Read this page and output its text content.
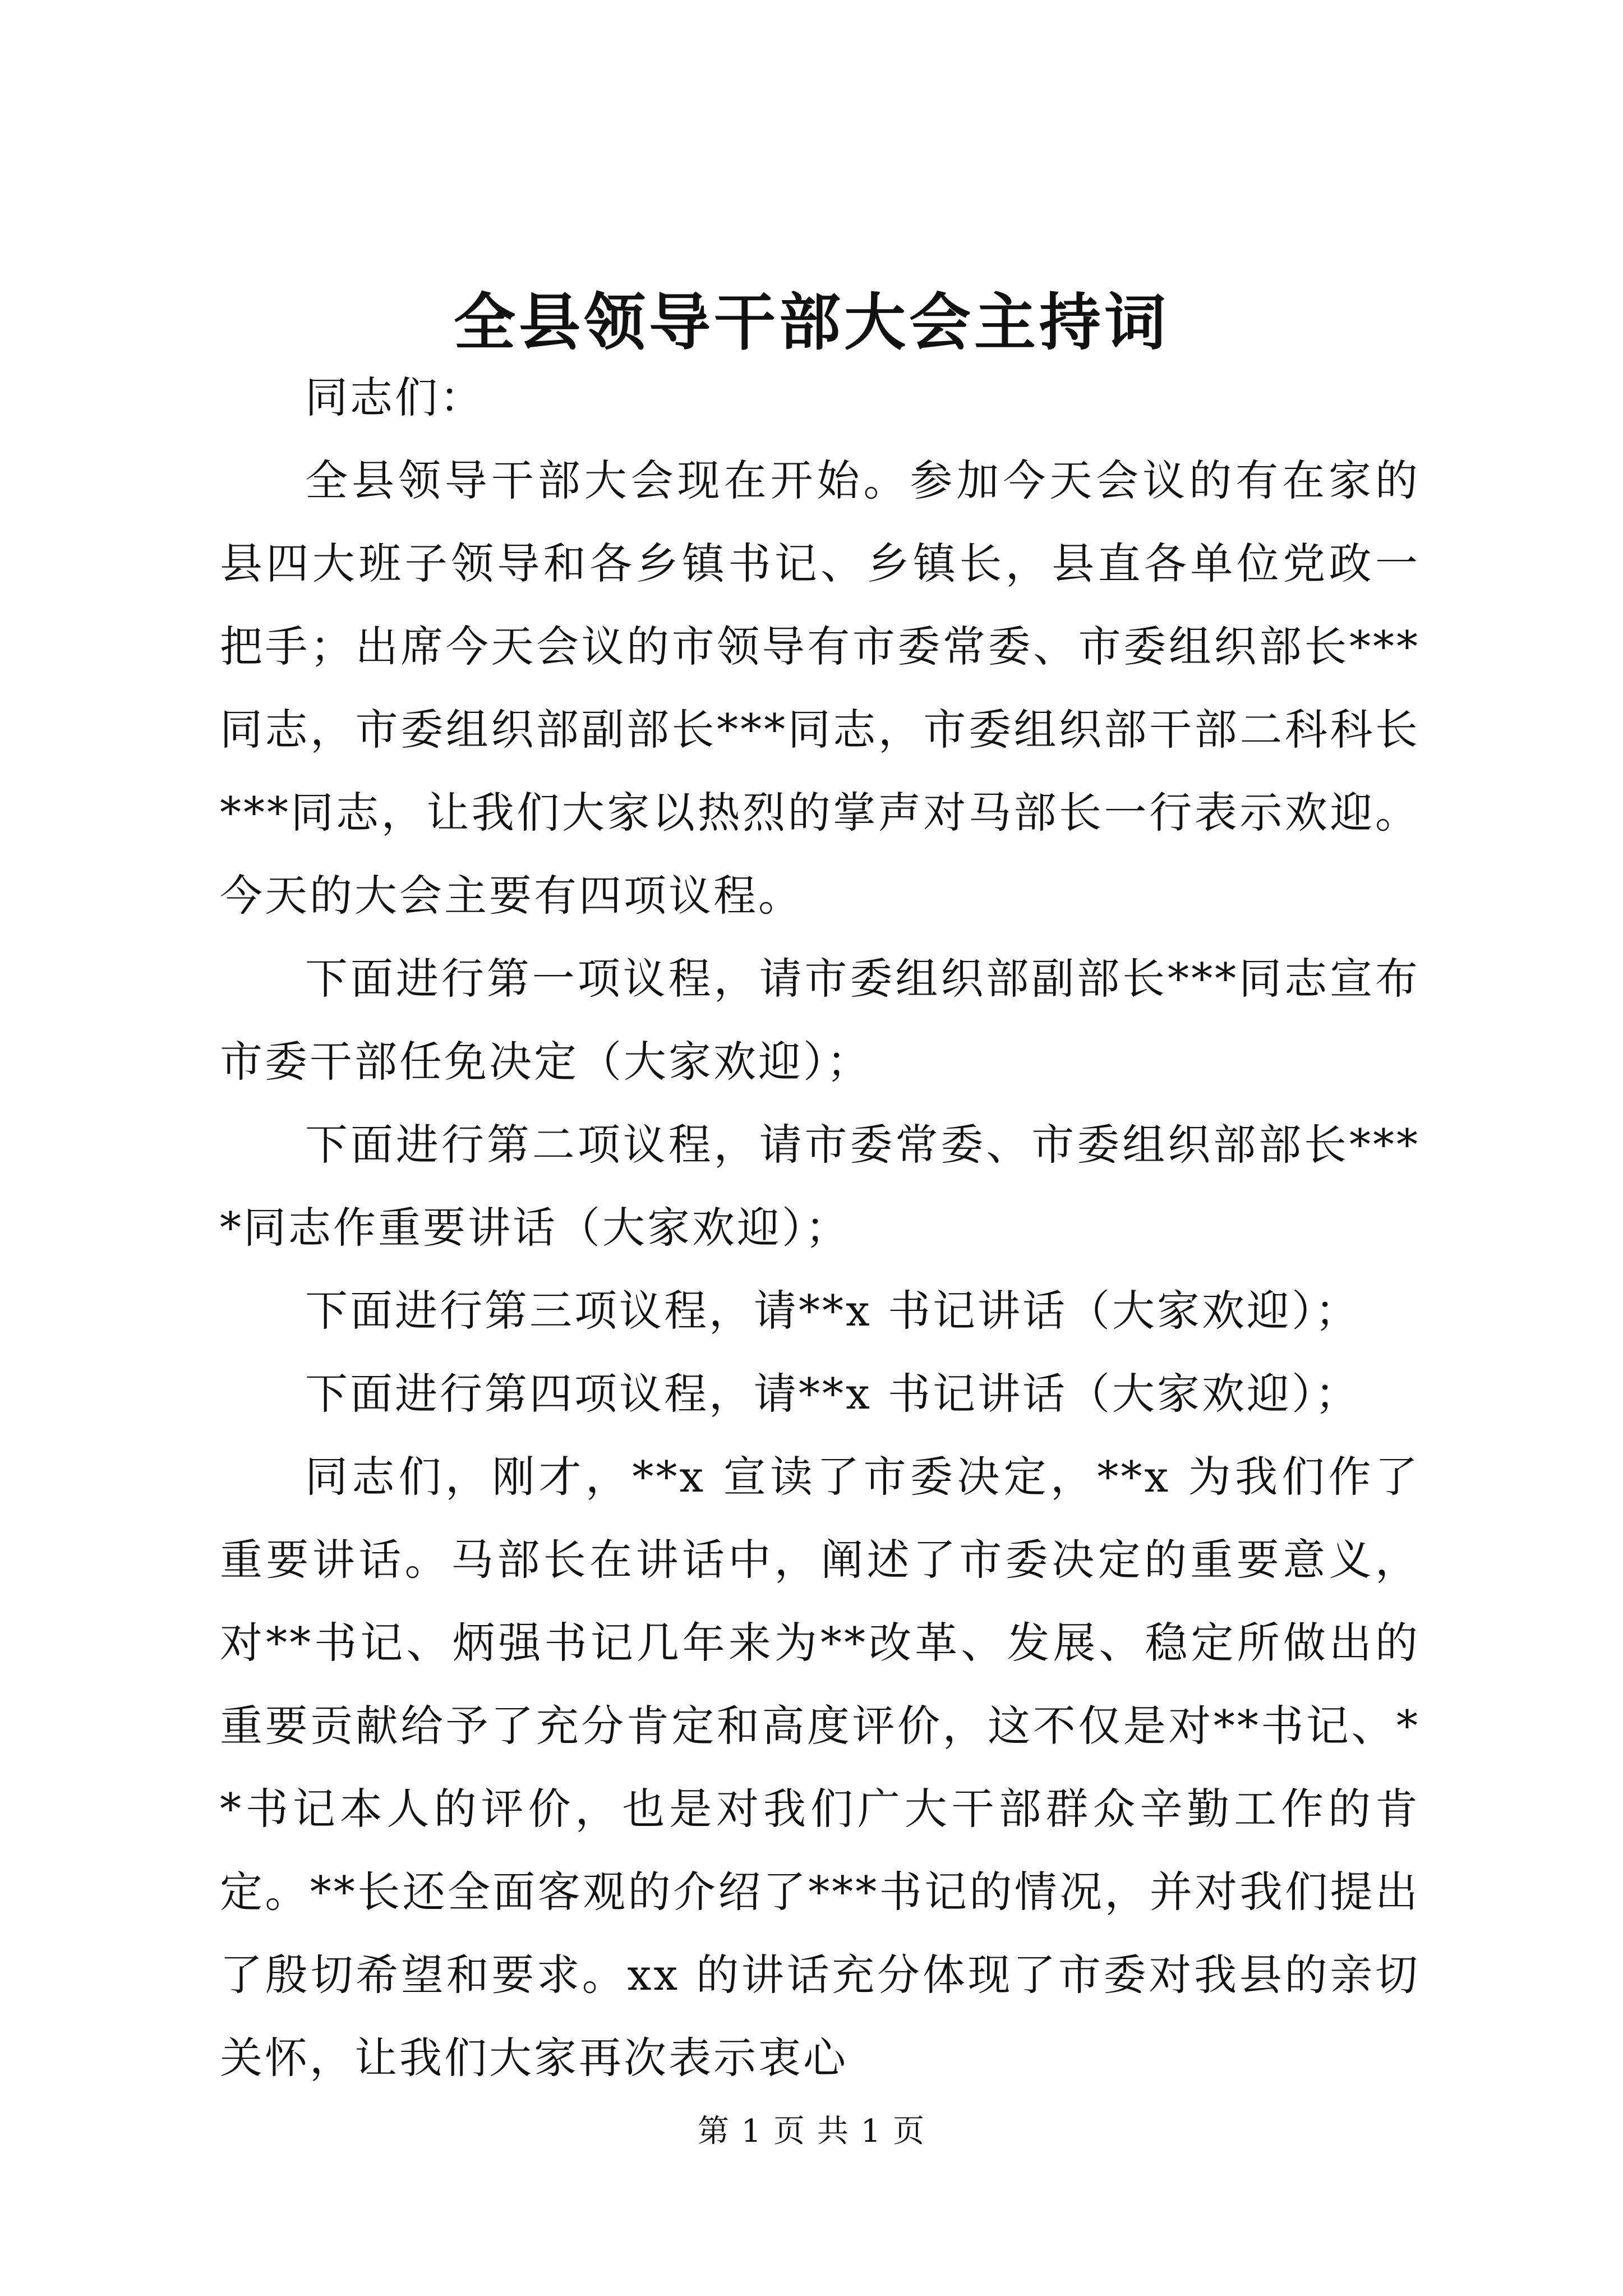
全县领导干部大会主持词

同志们：

全县领导干部大会现在开始。参加今天会议的有在家的县四大班子领导和各乡镇书记、乡镇长，县直各单位党政一把手；出席今天会议的市领导有市委常委、市委组织部长***同志，市委组织部副部长***同志，市委组织部干部二科科长***同志，让我们大家以热烈的掌声对马部长一行表示欢迎。今天的大会主要有四项议程。

下面进行第一项议程，请市委组织部副部长***同志宣布市委干部任免决定（大家欢迎）；

下面进行第二项议程，请市委常委、市委组织部部长****同志作重要讲话（大家欢迎）；

下面进行第三项议程，请**x 书记讲话（大家欢迎）；

下面进行第四项议程，请**x 书记讲话（大家欢迎）；

同志们，刚才，**x 宣读了市委决定，**x 为我们作了重要讲话。马部长在讲话中，阐述了市委决定的重要意义，对**书记、炳强书记几年来为**改革、发展、稳定所做出的重要贡献给予了充分肯定和高度评价，这不仅是对**书记、**书记本人的评价，也是对我们广大干部群众辛勤工作的肯定。**长还全面客观的介绍了***书记的情况，并对我们提出了殷切希望和要求。xx 的讲话充分体现了市委对我县的亲切关怀，让我们大家再次表示衷心

第 1 页 共 1 页
